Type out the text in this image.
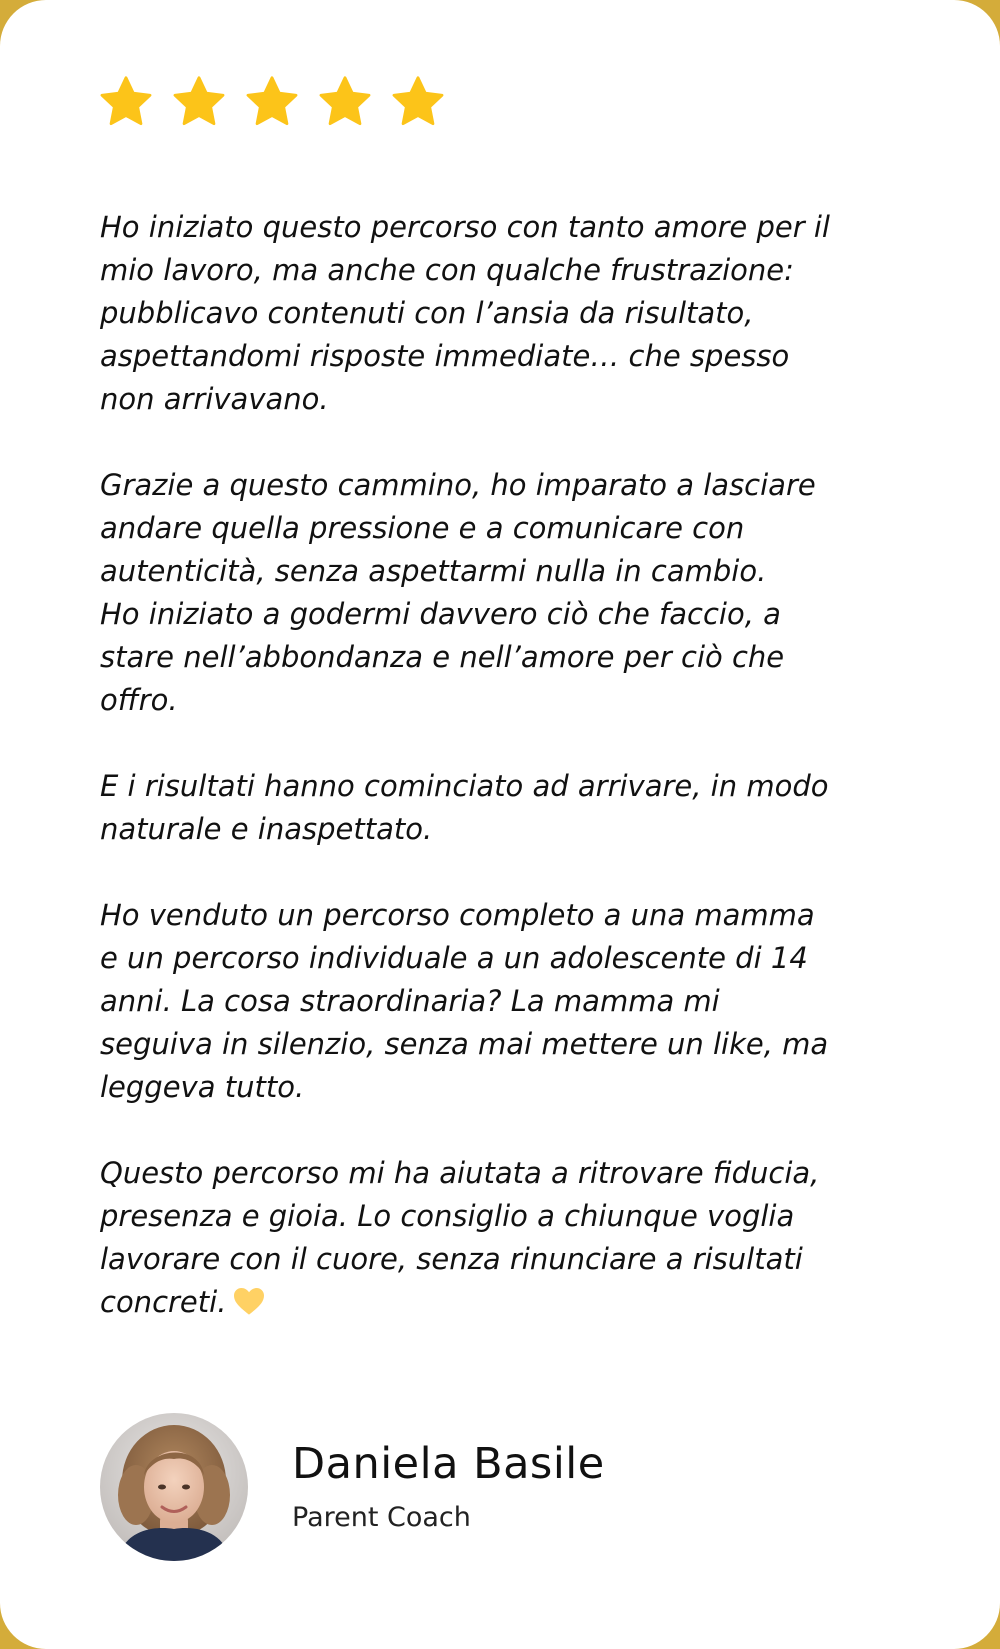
Ho iniziato questo percorso con tanto amore per il
mio lavoro, ma anche con qualche frustrazione:
pubblicavo contenuti con l’ansia da risultato,
aspettandomi risposte immediate… che spesso
non arrivavano.

Grazie a questo cammino, ho imparato a lasciare
andare quella pressione e a comunicare con
autenticità, senza aspettarmi nulla in cambio.
Ho iniziato a godermi davvero ciò che faccio, a
stare nell’abbondanza e nell’amore per ciò che
offro.

E i risultati hanno cominciato ad arrivare, in modo
naturale e inaspettato.

Ho venduto un percorso completo a una mamma
e un percorso individuale a un adolescente di 14
anni. La cosa straordinaria? La mamma mi
seguiva in silenzio, senza mai mettere un like, ma
leggeva tutto.

Questo percorso mi ha aiutata a ritrovare fiducia,
presenza e gioia. Lo consiglio a chiunque voglia
lavorare con il cuore, senza rinunciare a risultati
concreti.

Daniela Basile
Parent Coach
